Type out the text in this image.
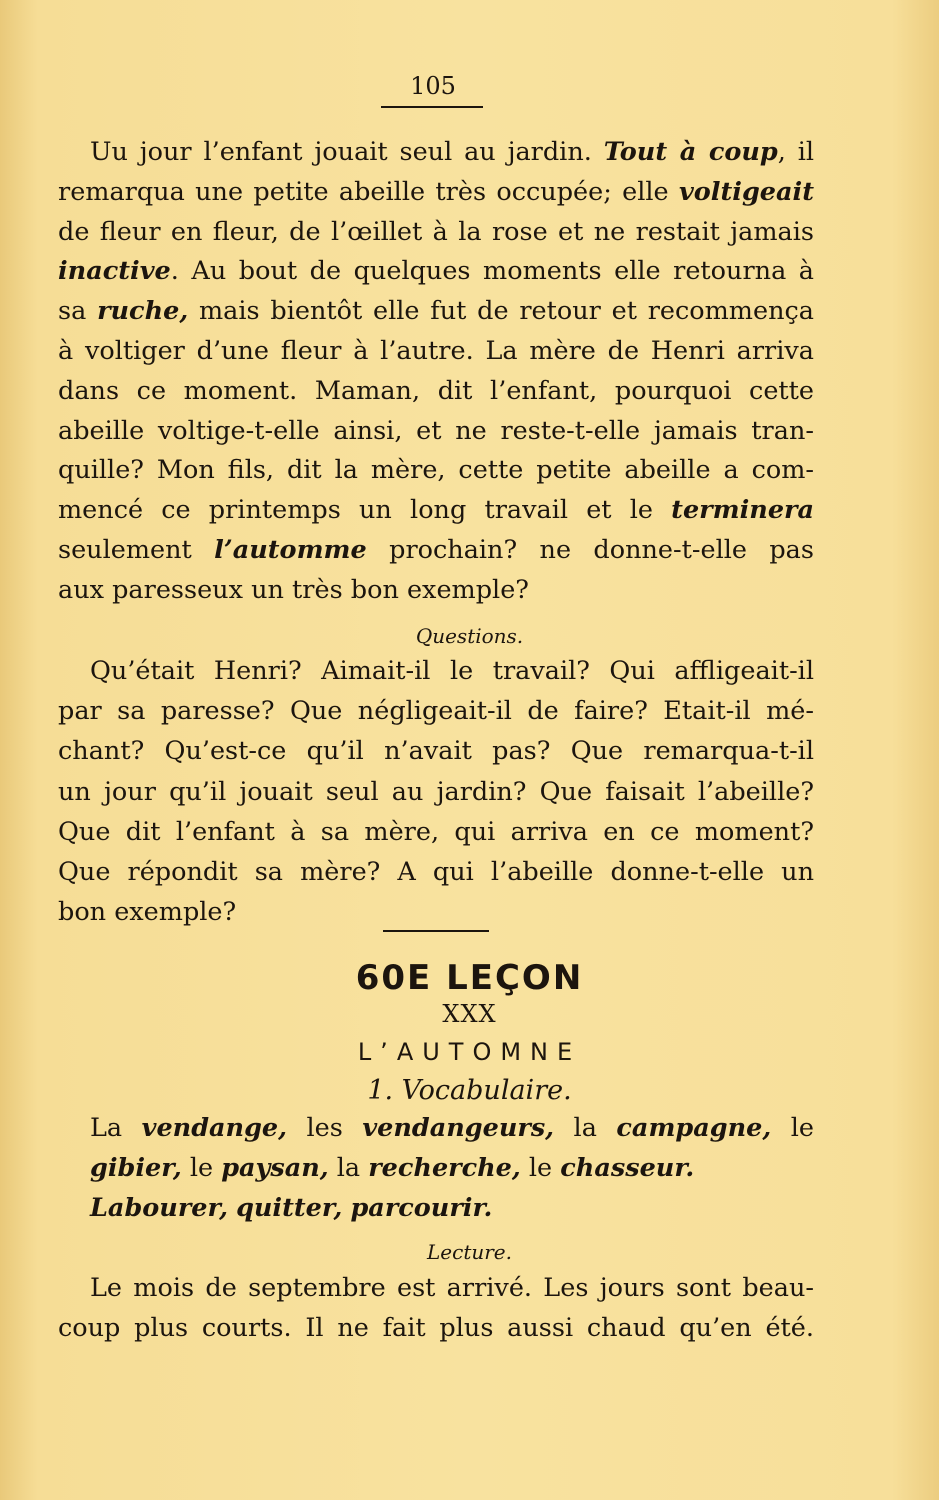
105
Uu jour l’enfant jouait seul au jardin. Tout à coup, il
remarqua une petite abeille très occupée; elle voltigeait
de fleur en fleur, de l’œillet à la rose et ne restait jamais
inactive. Au bout de quelques moments elle retourna à
sa ruche, mais bientôt elle fut de retour et recommença
à voltiger d’une fleur à l’autre. La mère de Henri arriva
dans ce moment. Maman, dit l’enfant, pourquoi cette
abeille voltige-t-elle ainsi, et ne reste-t-elle jamais tran-
quille? Mon fils, dit la mère, cette petite abeille a com-
mencé ce printemps un long travail et le terminera
seulement l’automme prochain? ne donne-t-elle pas
aux paresseux un très bon exemple?
Questions.
Qu’était Henri? Aimait-il le travail? Qui affligeait-il
par sa paresse? Que négligeait-il de faire? Etait-il mé-
chant? Qu’est-ce qu’il n’avait pas? Que remarqua-t-il
un jour qu’il jouait seul au jardin? Que faisait l’abeille?
Que dit l’enfant à sa mère, qui arriva en ce moment?
Que répondit sa mère? A qui l’abeille donne-t-elle un
bon exemple?
60E LEÇON
XXX
L’AUTOMNE
1. Vocabulaire.
La vendange, les vendangeurs, la campagne, le
gibier, le paysan, la recherche, le chasseur.
Labourer, quitter, parcourir.
Lecture.
Le mois de septembre est arrivé. Les jours sont beau-
coup plus courts. Il ne fait plus aussi chaud qu’en été.
